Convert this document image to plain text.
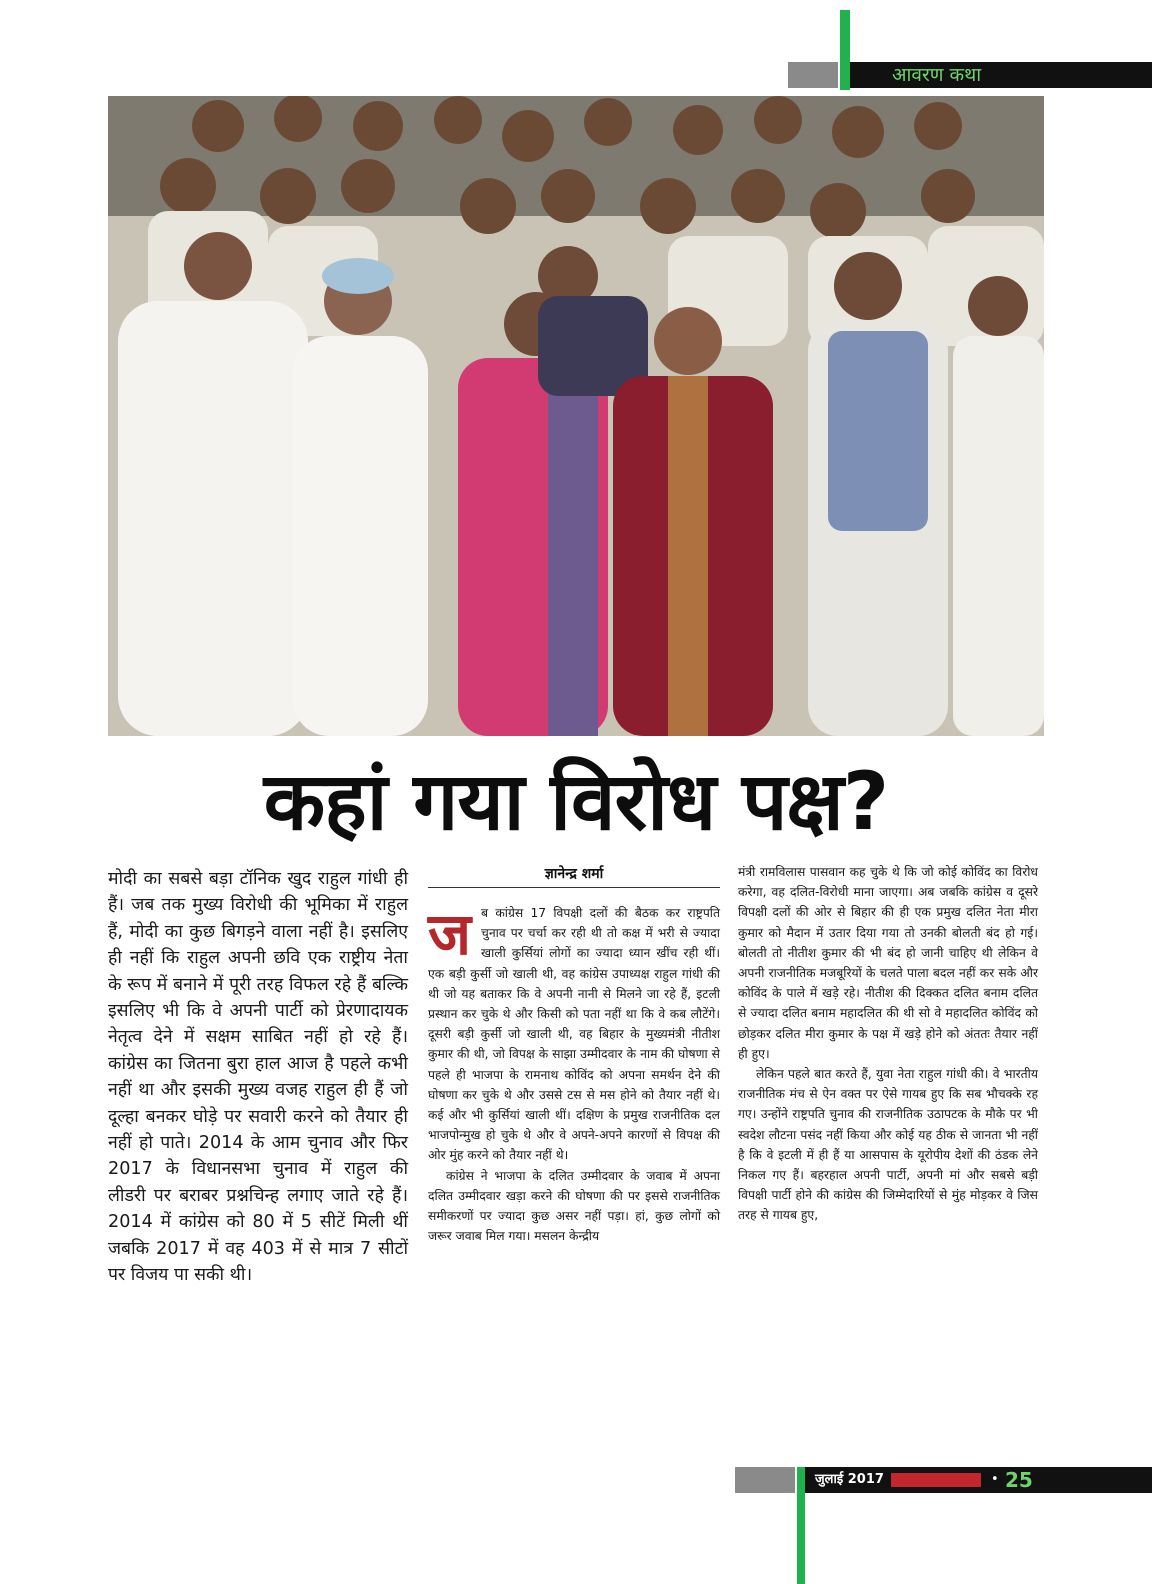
आवरण कथा
कहां गया विरोध पक्ष?
मोदी का सबसे बड़ा टॉनिक खुद राहुल गांधी ही हैं। जब तक मुख्य विरोधी की भूमिका में राहुल हैं, मोदी का कुछ बिगड़ने वाला नहीं है। इसलिए ही नहीं कि राहुल अपनी छवि एक राष्ट्रीय नेता के रूप में बनाने में पूरी तरह विफल रहे हैं बल्कि इसलिए भी कि वे अपनी पार्टी को प्रेरणादायक नेतृत्व देने में सक्षम साबित नहीं हो रहे हैं। कांग्रेस का जितना बुरा हाल आज है पहले कभी नहीं था और इसकी मुख्य वजह राहुल ही हैं जो दूल्हा बनकर घोड़े पर सवारी करने को तैयार ही नहीं हो पाते। 2014 के आम चुनाव और फिर 2017 के विधानसभा चुनाव में राहुल की लीडरी पर बराबर प्रश्नचिन्ह लगाए जाते रहे हैं। 2014 में कांग्रेस को 80 में 5 सीटें मिली थीं जबकि 2017 में वह 403 में से मात्र 7 सीटों पर विजय पा सकी थी।
ज्ञानेन्द्र शर्मा

जब कांग्रेस 17 विपक्षी दलों की बैठक कर राष्ट्रपति चुनाव पर चर्चा कर रही थी तो कक्ष में भरी से ज्यादा खाली कुर्सियां लोगों का ज्यादा ध्यान खींच रही थीं। एक बड़ी कुर्सी जो खाली थी, वह कांग्रेस उपाध्यक्ष राहुल गांधी की थी जो यह बताकर कि वे अपनी नानी से मिलने जा रहे हैं, इटली प्रस्थान कर चुके थे और किसी को पता नहीं था कि वे कब लौटेंगे। दूसरी बड़ी कुर्सी जो खाली थी, वह बिहार के मुख्यमंत्री नीतीश कुमार की थी, जो विपक्ष के साझा उम्मीदवार के नाम की घोषणा से पहले ही भाजपा के रामनाथ कोविंद को अपना समर्थन देने की घोषणा कर चुके थे और उससे टस से मस होने को तैयार नहीं थे। कई और भी कुर्सियां खाली थीं। दक्षिण के प्रमुख राजनीतिक दल भाजपोन्मुख हो चुके थे और वे अपने-अपने कारणों से विपक्ष की ओर मुंह करने को तैयार नहीं थे।

कांग्रेस ने भाजपा के दलित उम्मीदवार के जवाब में अपना दलित उम्मीदवार खड़ा करने की घोषणा की पर इससे राजनीतिक समीकरणों पर ज्यादा कुछ असर नहीं पड़ा। हां, कुछ लोगों को जरूर जवाब मिल गया। मसलन केन्द्रीय

मंत्री रामविलास पासवान कह चुके थे कि जो कोई कोविंद का विरोध करेगा, वह दलित-विरोधी माना जाएगा। अब जबकि कांग्रेस व दूसरे विपक्षी दलों की ओर से बिहार की ही एक प्रमुख दलित नेता मीरा कुमार को मैदान में उतार दिया गया तो उनकी बोलती बंद हो गई। बोलती तो नीतीश कुमार की भी बंद हो जानी चाहिए थी लेकिन वे अपनी राजनीतिक मजबूरियों के चलते पाला बदल नहीं कर सके और कोविंद के पाले में खड़े रहे। नीतीश की दिक्कत दलित बनाम दलित से ज्यादा दलित बनाम महादलित की थी सो वे महादलित कोविंद को छोड़कर दलित मीरा कुमार के पक्ष में खड़े होने को अंततः तैयार नहीं ही हुए।

लेकिन पहले बात करते हैं, युवा नेता राहुल गांधी की। वे भारतीय राजनीतिक मंच से ऐन वक्त पर ऐसे गायब हुए कि सब भौचक्के रह गए। उन्होंने राष्ट्रपति चुनाव की राजनीतिक उठापटक के मौके पर भी स्वदेश लौटना पसंद नहीं किया और कोई यह ठीक से जानता भी नहीं है कि वे इटली में ही हैं या आसपास के यूरोपीय देशों की ठंडक लेने निकल गए हैं। बहरहाल अपनी पार्टी, अपनी मां और सबसे बड़ी विपक्षी पार्टी होने की कांग्रेस की जिम्मेदारियों से मुंह मोड़कर वे जिस तरह से गायब हुए,

जुलाई 2017	• 25
